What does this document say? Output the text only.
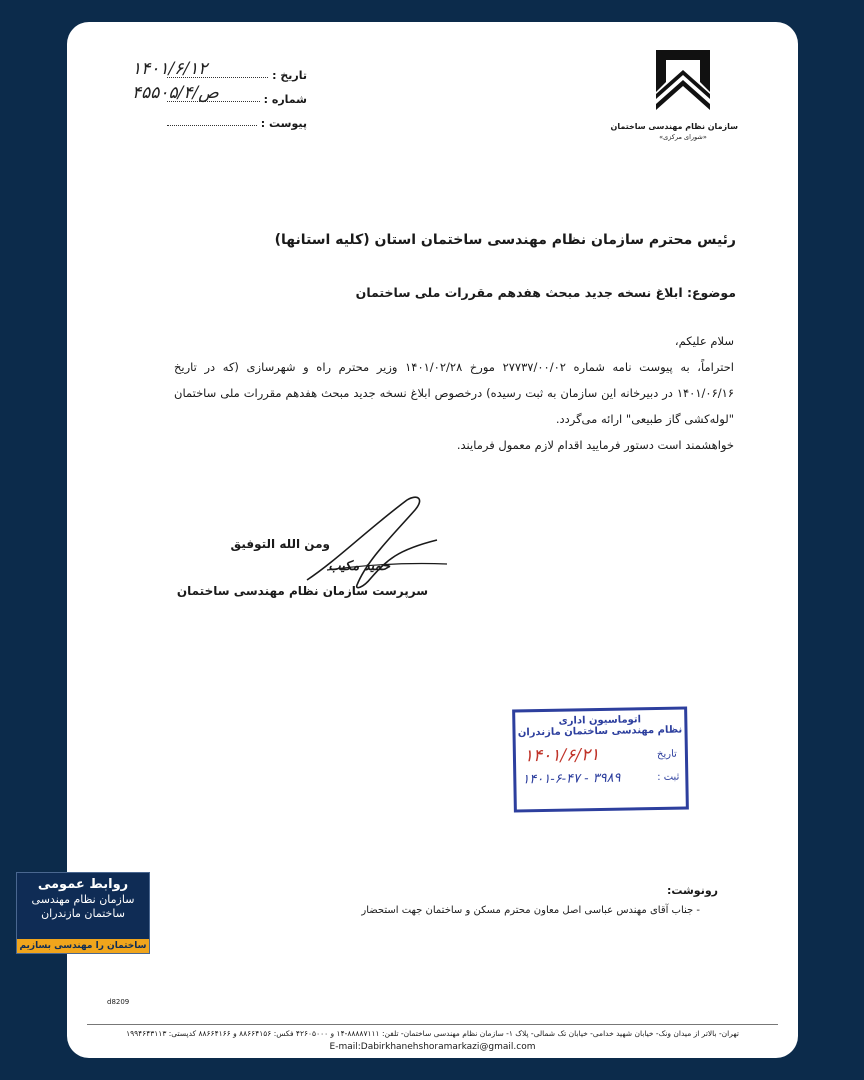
سازمان نظام مهندسی ساختمان
«شورای مرکزی»
تاریخ :
۱۴۰۱/۶/۱۲
شماره :
۴۵۵۰۵/ص/۴
پیوست :
رئیس محترم سازمان نظام مهندسی ساختمان استان (کلیه استانها)
موضوع: ابلاغ نسخه جدید مبحث هفدهم مقررات ملی ساختمان

سلام علیکم،

احتراماً، به پیوست نامه شماره ۲۷۷۳۷/۰۰/۰۲ مورخ ۱۴۰۱/۰۲/۲۸ وزیر محترم راه و شهرسازی (که در تاریخ ۱۴۰۱/۰۶/۱۶ در دبیرخانه این سازمان به ثبت رسیده) درخصوص ابلاغ نسخه جدید مبحث هفدهم مقررات ملی ساختمان "لوله‌کشی گاز طبیعی" ارائه می‌گردد.

خواهشمند است دستور فرمایید اقدام لازم معمول فرمایند.

ومن الله التوفیق
حمید مکیب
سرپرست سازمان نظام مهندسی ساختمان
اتوماسیون اداری
نظام مهندسی ساختمان مازندران
تاریخ
۱۴۰۱/۶/۲۱
ثبت :
۱۴۰۱-۶-۴۷ - ۳۹۸۹
رونوشت:
- جناب آقای مهندس عباسی اصل معاون محترم مسکن و ساختمان جهت استحضار
d8209
تهران- بالاتر از میدان ونک- خیابان شهید خدامی- خیابان تک شمالی- پلاک ۱- سازمان نظام مهندسی ساختمان- تلفن: ۸۸۸۸۷۱۱۱-۱۴ و ۴۲۶۰۵۰۰۰ فکس: ۸۸۶۶۴۱۵۶ و ۸۸۶۶۴۱۶۶ کدپستی: ۱۹۹۴۶۴۳۱۱۳
E-mail:Dabirkhanehshoramarkazi@gmail.com
روابط عمومی
سازمان نظام مهندسی
ساختمان مازندران
ساختمان را مهندسی بسازیم
